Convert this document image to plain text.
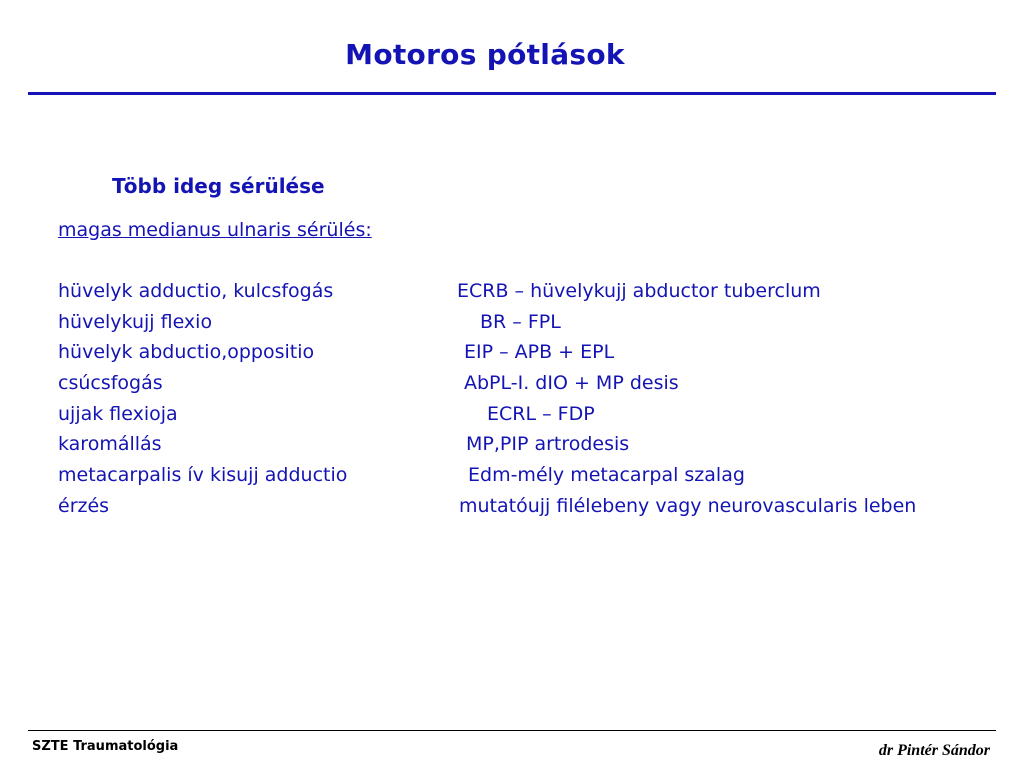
Motoros pótlások
Több ideg sérülése
magas medianus ulnaris sérülés:
hüvelyk adductio, kulcsfogás	ECRB – hüvelykujj abductor tuberclum
hüvelykujj flexio	BR – FPL
hüvelyk abductio,oppositio	EIP – APB + EPL
csúcsfogás	AbPL-I. dIO + MP desis
ujjak flexioja	ECRL – FDP
karomállás	MP,PIP artrodesis
metacarpalis ív kisujj adductio	Edm-mély metacarpal szalag
érzés	mutatóujj filélebeny vagy neurovascularis leben
SZTE Traumatológia	dr Pintér Sándor
